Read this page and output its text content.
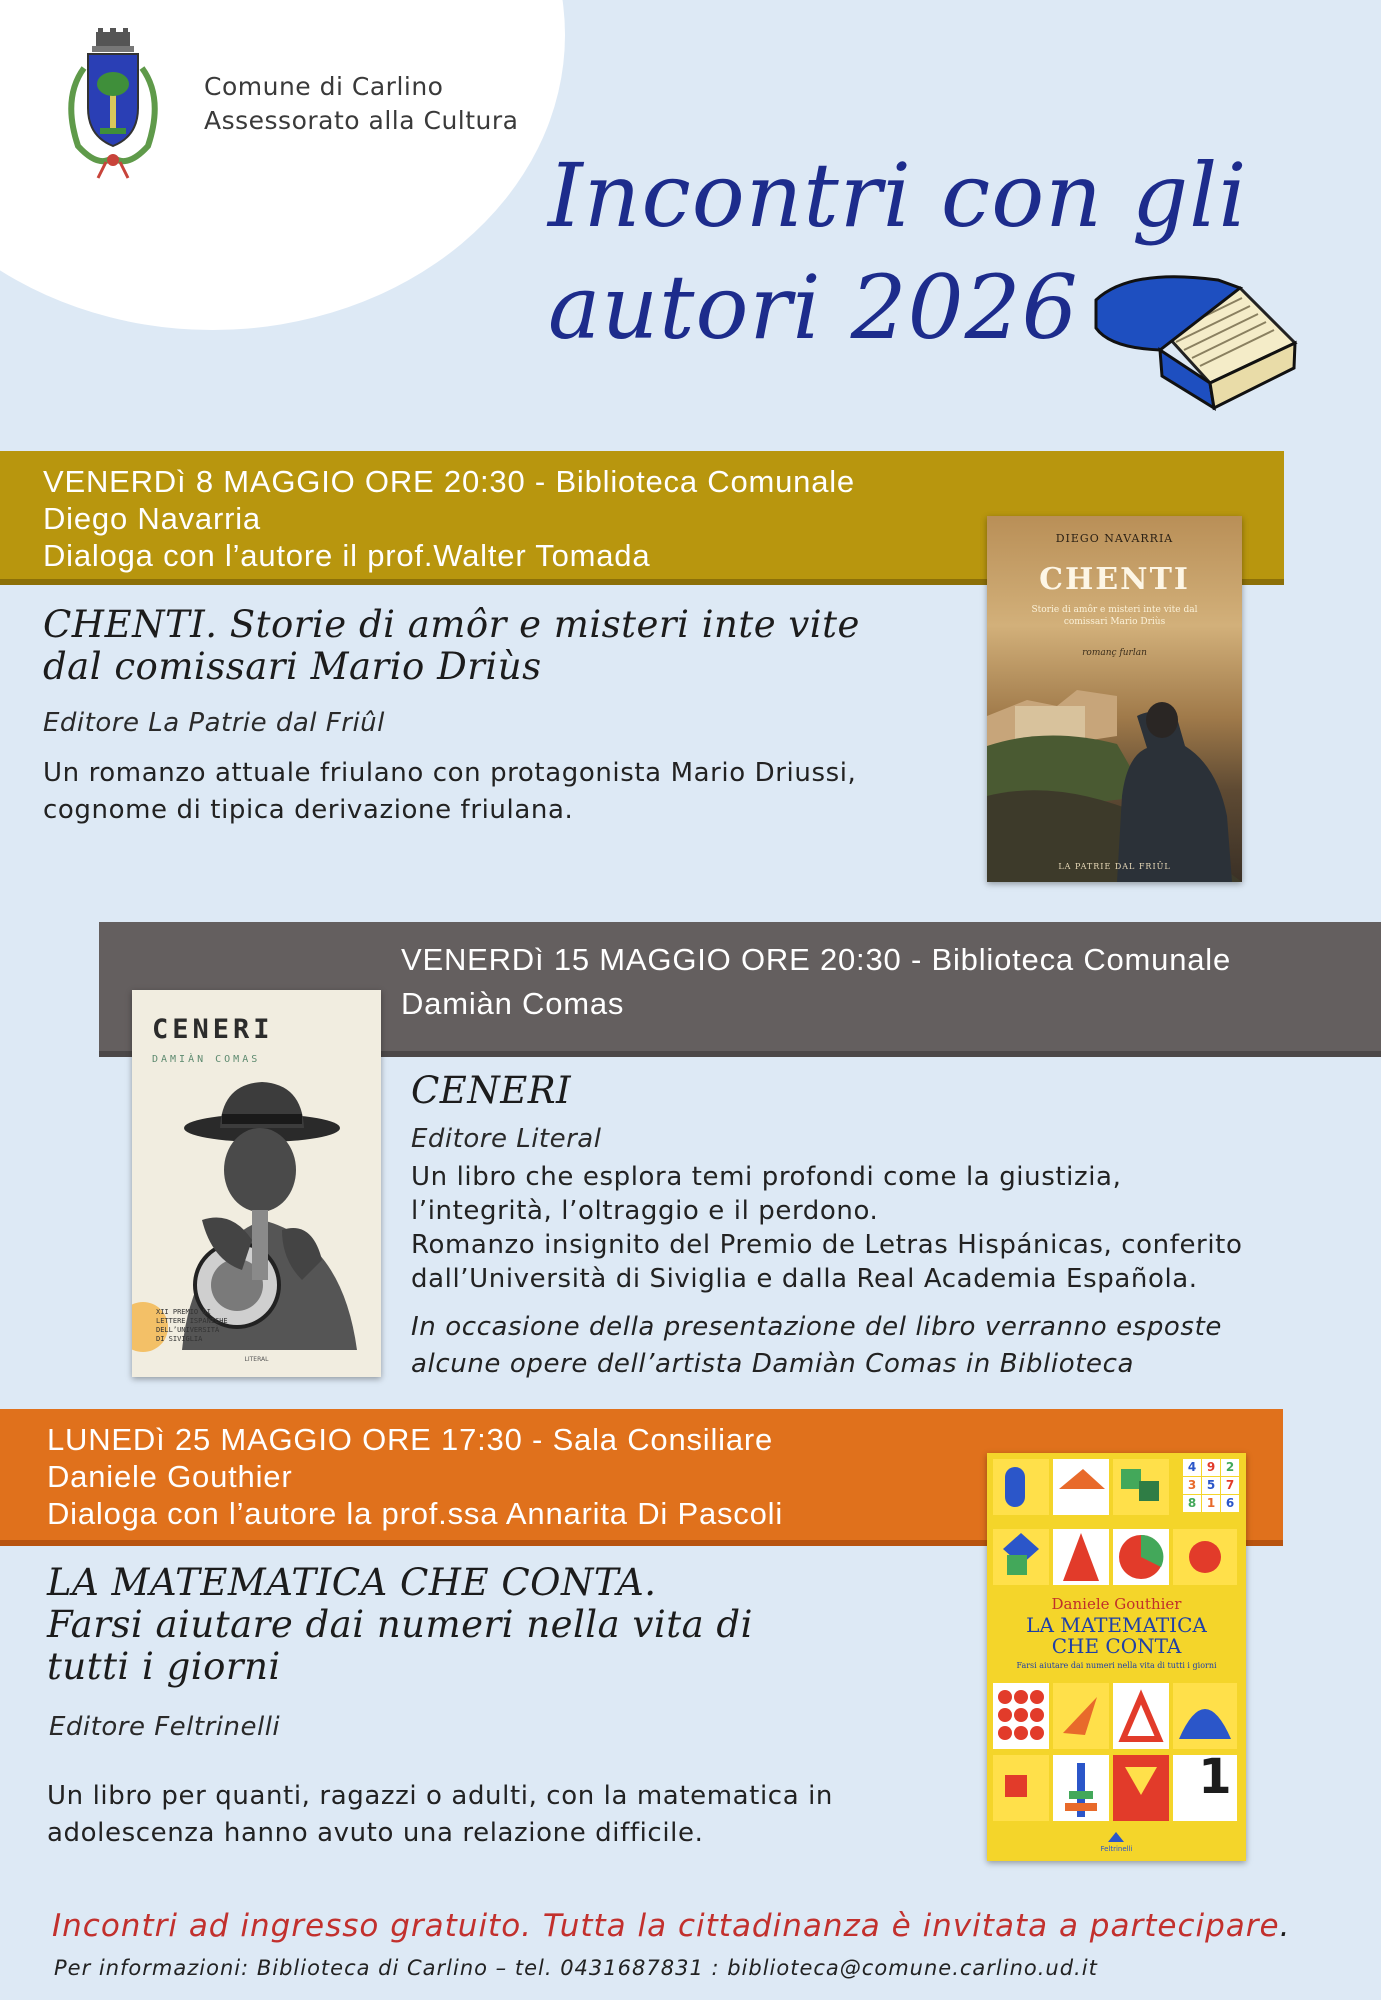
Comune di Carlino
Assessorato alla Cultura
Incontri con gli
autori 2026
VENERDì 8 MAGGIO ORE 20:30 - Biblioteca Comunale
Diego Navarria
Dialoga con l’autore il prof.Walter Tomada
CHENTI. Storie di amôr e misteri inte vite
dal comissari Mario Driùs
Editore La Patrie dal Friûl
Un romanzo attuale friulano con protagonista Mario Driussi,
cognome di tipica derivazione friulana.
DIEGO NAVARRIA
CHENTI
Storie di amôr e misteri inte vite dal comissari Mario Driùs
romanç furlan
LA PATRIE DAL FRIÛL
VENERDì 15 MAGGIO ORE 20:30 - Biblioteca Comunale
Damiàn Comas
CENERI
DAMIÀN COMAS
XII PREMIO DI
LETTERE ISPANICHE
DELL’UNIVERSITÀ
DI SIVIGLIA
LITERAL
CENERI
Editore Literal
Un libro che esplora temi profondi come la giustizia,
l’integrità, l’oltraggio e il perdono.
Romanzo insignito del Premio de Letras Hispánicas, conferito
dall’Università di Siviglia e dalla Real Academia Española.
In occasione della presentazione del libro verranno esposte
alcune opere dell’artista Damiàn Comas in Biblioteca
LUNEDì 25 MAGGIO ORE 17:30 - Sala Consiliare
Daniele Gouthier
Dialoga con l’autore la prof.ssa Annarita Di Pascoli
LA MATEMATICA CHE CONTA.
Farsi aiutare dai numeri nella vita di
tutti i giorni
Editore Feltrinelli
Un libro per quanti, ragazzi o adulti, con la matematica in
adolescenza hanno avuto una relazione difficile.
4 9 2
3 5 7
8 1 6
Daniele Gouthier
LA MATEMATICA
CHE CONTA
Farsi aiutare dai numeri nella vita di tutti i giorni
1
Feltrinelli
Incontri ad ingresso gratuito. Tutta la cittadinanza è invitata a partecipare.
Per informazioni: Biblioteca di Carlino – tel. 0431687831 : biblioteca@comune.carlino.ud.it
